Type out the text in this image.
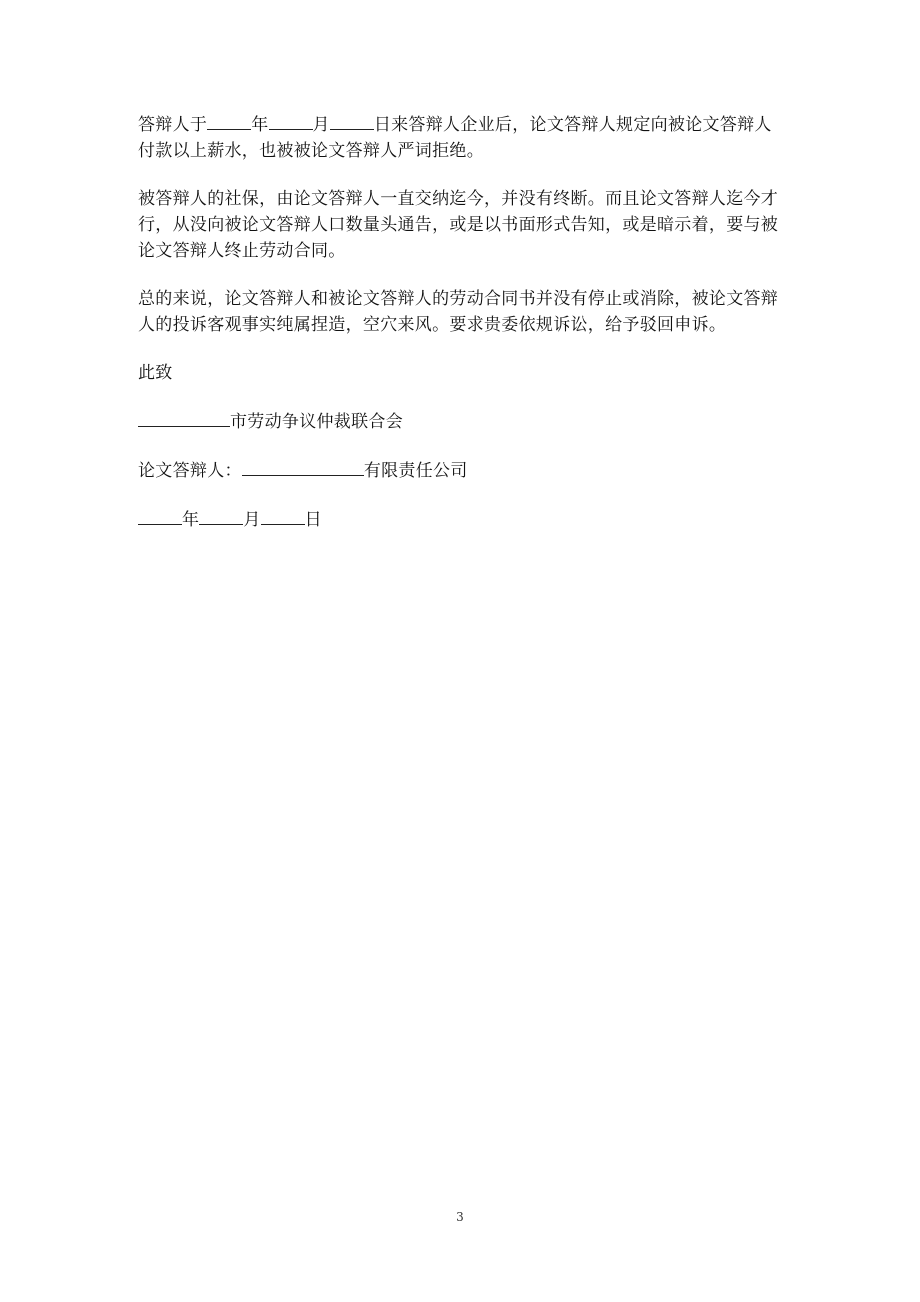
答辩人于	年	月	日来答辩人企业后，论文答辩人规定向被论文答辩人付款以上薪水，也被被论文答辩人严词拒绝。

被答辩人的社保，由论文答辩人一直交纳迄今，并没有终断。而且论文答辩人迄今才行，从没向被论文答辩人口数量头通告，或是以书面形式告知，或是暗示着，要与被论文答辩人终止劳动合同。

总的来说，论文答辩人和被论文答辩人的劳动合同书并没有停止或消除，被论文答辩人的投诉客观事实纯属捏造，空穴来风。要求贵委依规诉讼，给予驳回申诉。

此致

市劳动争议仲裁联合会

论文答辩人：	有限责任公司

年	月	日

3
